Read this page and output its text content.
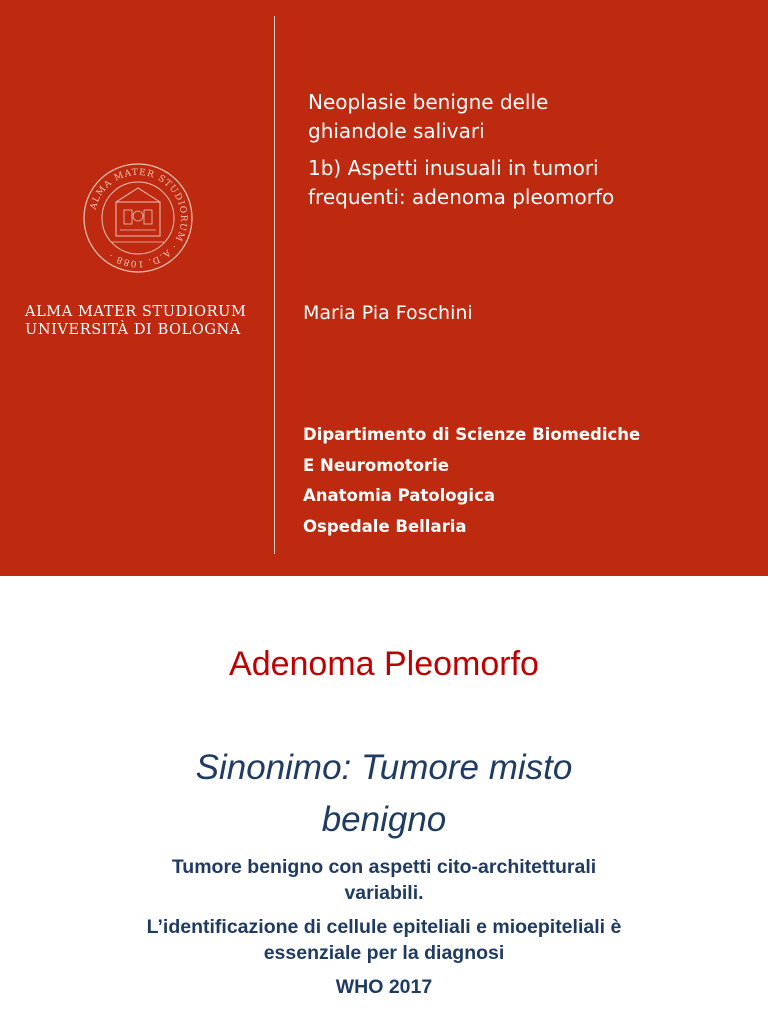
ALMA MATER STUDIORUM · A.D. 1088 ·
ALMA MATER STUDIORUM
UNIVERSITÀ DI BOLOGNA

Neoplasie benigne delle

ghiandole salivari

1b) Aspetti inusuali in tumori

frequenti: adenoma pleomorfo

Maria Pia Foschini
Dipartimento di Scienze Biomediche
E Neuromotorie
Anatomia Patologica
Ospedale Bellaria
Adenoma Pleomorfo
Sinonimo: Tumore misto
benigno
Tumore benigno con aspetti cito-architetturali
variabili.
L’identificazione di cellule epiteliali e mioepiteliali è
essenziale per la diagnosi
WHO 2017
